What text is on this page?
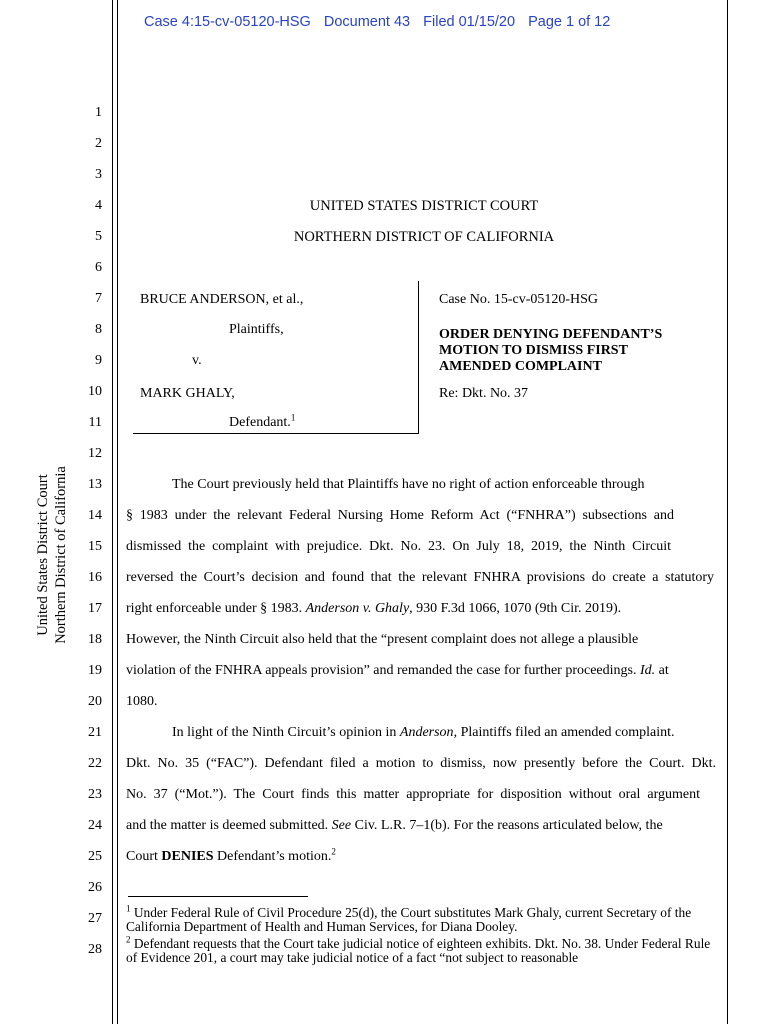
Case 4:15-cv-05120-HSG Document 43 Filed 01/15/20 Page 1 of 12
1
2
3
4
5
6
7
8
9
10
11
12
13
14
15
16
17
18
19
20
21
22
23
24
25
26
27
28
United States District Court Northern District of California
UNITED STATES DISTRICT COURT
NORTHERN DISTRICT OF CALIFORNIA
BRUCE ANDERSON, et al.,
Plaintiffs,
v.
MARK GHALY,
Defendant.$^1$
Case No. 15-cv-05120-HSG
ORDER DENYING DEFENDANT’S
MOTION TO DISMISS FIRST
AMENDED COMPLAINT
Re: Dkt. No. 37
The Court previously held that Plaintiffs have no right of action enforceable through
§ 1983 under the relevant Federal Nursing Home Reform Act (“FNHRA”) subsections and
dismissed the complaint with prejudice. Dkt. No. 23. On July 18, 2019, the Ninth Circuit
reversed the Court’s decision and found that the relevant FNHRA provisions do create a statutory
right enforceable under § 1983. Anderson v. Ghaly, 930 F.3d 1066, 1070 (9th Cir. 2019).
However, the Ninth Circuit also held that the “present complaint does not allege a plausible
violation of the FNHRA appeals provision” and remanded the case for further proceedings. Id. at
1080.
In light of the Ninth Circuit’s opinion in Anderson, Plaintiffs filed an amended complaint.
Dkt. No. 35 (“FAC”). Defendant filed a motion to dismiss, now presently before the Court. Dkt.
No. 37 (“Mot.”). The Court finds this matter appropriate for disposition without oral argument
and the matter is deemed submitted. See Civ. L.R. 7–1(b). For the reasons articulated below, the
Court DENIES Defendant’s motion.$^2$
$^1$ Under Federal Rule of Civil Procedure 25(d), the Court substitutes Mark Ghaly, current Secretary of the California Department of Health and Human Services, for Diana Dooley.
$^2$ Defendant requests that the Court take judicial notice of eighteen exhibits. Dkt. No. 38. Under Federal Rule of Evidence 201, a court may take judicial notice of a fact “not subject to reasonable
